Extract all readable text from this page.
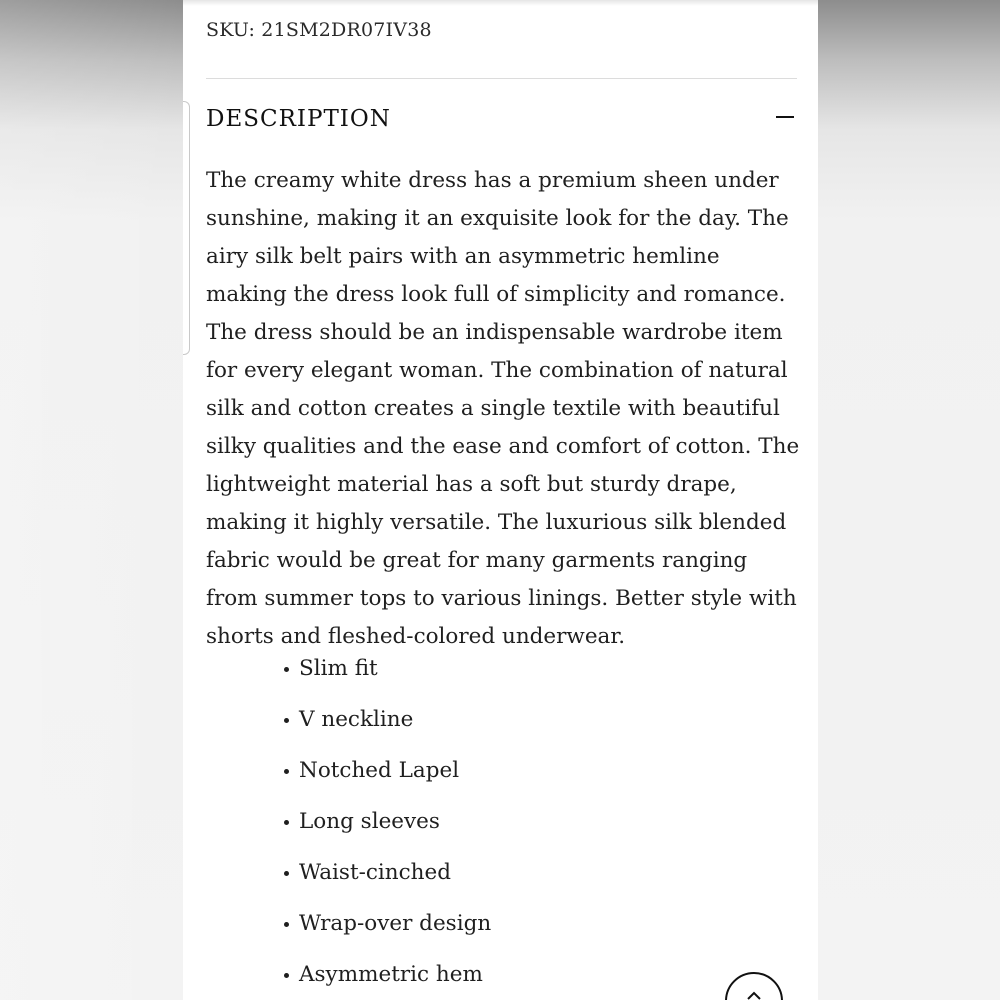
SKU: 21SM2DR07IV38
DESCRIPTION

The creamy white dress has a premium sheen under sunshine, making it an exquisite look for the day. The airy silk belt pairs with an asymmetric hemline making the dress look full of simplicity and romance. The dress should be an indispensable wardrobe item for every elegant woman. The combination of natural silk and cotton creates a single textile with beautiful silky qualities and the ease and comfort of cotton. The lightweight material has a soft but sturdy drape, making it highly versatile. The luxurious silk blended fabric would be great for many garments ranging from summer tops to various linings. Better style with shorts and fleshed-colored underwear.

Slim fit
V neckline
Notched Lapel
Long sleeves
Waist-cinched
Wrap-over design
Asymmetric hem
